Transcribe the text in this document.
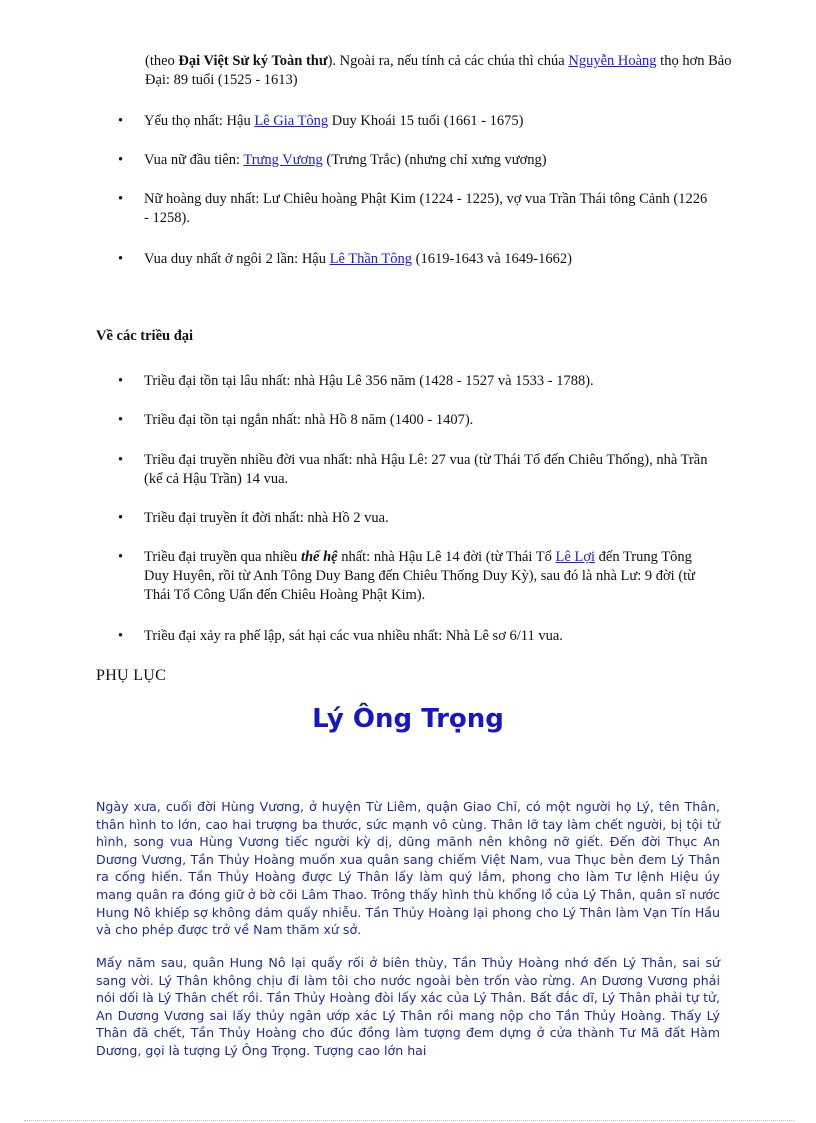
(theo Đại Việt Sử ký Toàn thư). Ngoài ra, nếu tính cả các chúa thì chúa Nguyễn Hoàng thọ hơn Bảo Đại: 89 tuổi (1525 - 1613)
•	Yểu thọ nhất: Hậu Lê Gia Tông Duy Khoái 15 tuổi (1661 - 1675)
•	Vua nữ đầu tiên: Trưng Vương (Trưng Trắc) (nhưng chỉ xưng vương)
•	Nữ hoàng duy nhất: Lư Chiêu hoàng Phật Kim (1224 - 1225), vợ vua Trần Thái tông Cảnh (1226 - 1258).
•	Vua duy nhất ở ngôi 2 lần: Hậu Lê Thần Tông (1619-1643 và 1649-1662)
Về các triều đại
•	Triều đại tồn tại lâu nhất: nhà Hậu Lê 356 năm (1428 - 1527 và 1533 - 1788).
•	Triều đại tồn tại ngắn nhất: nhà Hồ 8 năm (1400 - 1407).
•	Triều đại truyền nhiều đời vua nhất: nhà Hậu Lê: 27 vua (từ Thái Tổ đến Chiêu Thống), nhà Trần (kể cả Hậu Trần) 14 vua.
•	Triều đại truyền ít đời nhất: nhà Hồ 2 vua.
•	Triều đại truyền qua nhiều thế hệ nhất: nhà Hậu Lê 14 đời (từ Thái Tổ Lê Lợi đến Trung Tông Duy Huyên, rồi từ Anh Tông Duy Bang đến Chiêu Thống Duy Kỳ), sau đó là nhà Lư: 9 đời (từ Thái Tổ Công Uẩn đến Chiêu Hoàng Phật Kim).
•	Triều đại xảy ra phế lập, sát hại các vua nhiều nhất: Nhà Lê sơ 6/11 vua.
PHỤ LỤC
Lý Ông Trọng
Ngày xưa, cuối đời Hùng Vương, ở huyện Từ Liêm, quận Giao Chỉ, có một người họ Lý, tên Thân, thân hình to lớn, cao hai trượng ba thước, sức mạnh vô cùng. Thân lỡ tay làm chết người, bị tội tử hình, song vua Hùng Vương tiếc người kỳ dị, dũng mãnh nên không nỡ giết. Đến đời Thục An Dương Vương, Tần Thủy Hoàng muốn xua quân sang chiếm Việt Nam, vua Thục bèn đem Lý Thân ra cống hiến. Tần Thủy Hoàng được Lý Thân lấy làm quý lắm, phong cho làm Tư lệnh Hiệu úy mang quân ra đóng giữ ở bờ cõi Lâm Thao. Trông thấy hình thù khổng lồ của Lý Thân, quân sĩ nước Hung Nô khiếp sợ không dám quấy nhiễu. Tần Thủy Hoàng lại phong cho Lý Thân làm Vạn Tín Hầu và cho phép được trở về Nam thăm xứ sở.
Mấy năm sau, quân Hung Nô lại quấy rối ở biên thùy, Tần Thủy Hoàng nhớ đến Lý Thân, sai sứ sang vời. Lý Thân không chịu đi làm tôi cho nước ngoài bèn trốn vào rừng. An Dương Vương phải nói dối là Lý Thân chết rồi. Tần Thủy Hoàng đòi lấy xác của Lý Thân. Bất đắc dĩ, Lý Thân phải tự tử, An Dương Vương sai lấy thủy ngân ướp xác Lý Thân rồi mang nộp cho Tần Thủy Hoàng. Thấy Lý Thân đã chết, Tần Thủy Hoàng cho đúc đồng làm tượng đem dựng ở cửa thành Tư Mã đất Hàm Dương, gọi là tượng Lý Ông Trọng. Tượng cao lớn hai
